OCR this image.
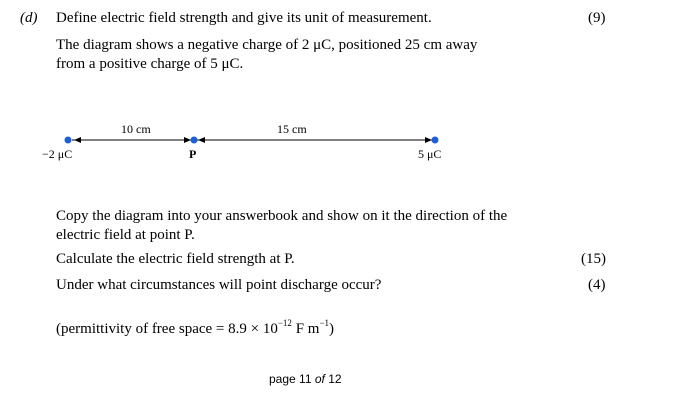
(d) Define electric field strength and give its unit of measurement.	(9)
The diagram shows a negative charge of 2 μC, positioned 25 cm away
from a positive charge of 5 μC.
10 cm	15 cm
−2 μC	P	5 μC
Copy the diagram into your answerbook and show on it the direction of the
electric field at point P.
Calculate the electric field strength at P.	(15)
Under what circumstances will point discharge occur?	(4)
(permittivity of free space = $8.9 \times 10^{-12}$ F $m^{-1}$)
page 11 of 12
